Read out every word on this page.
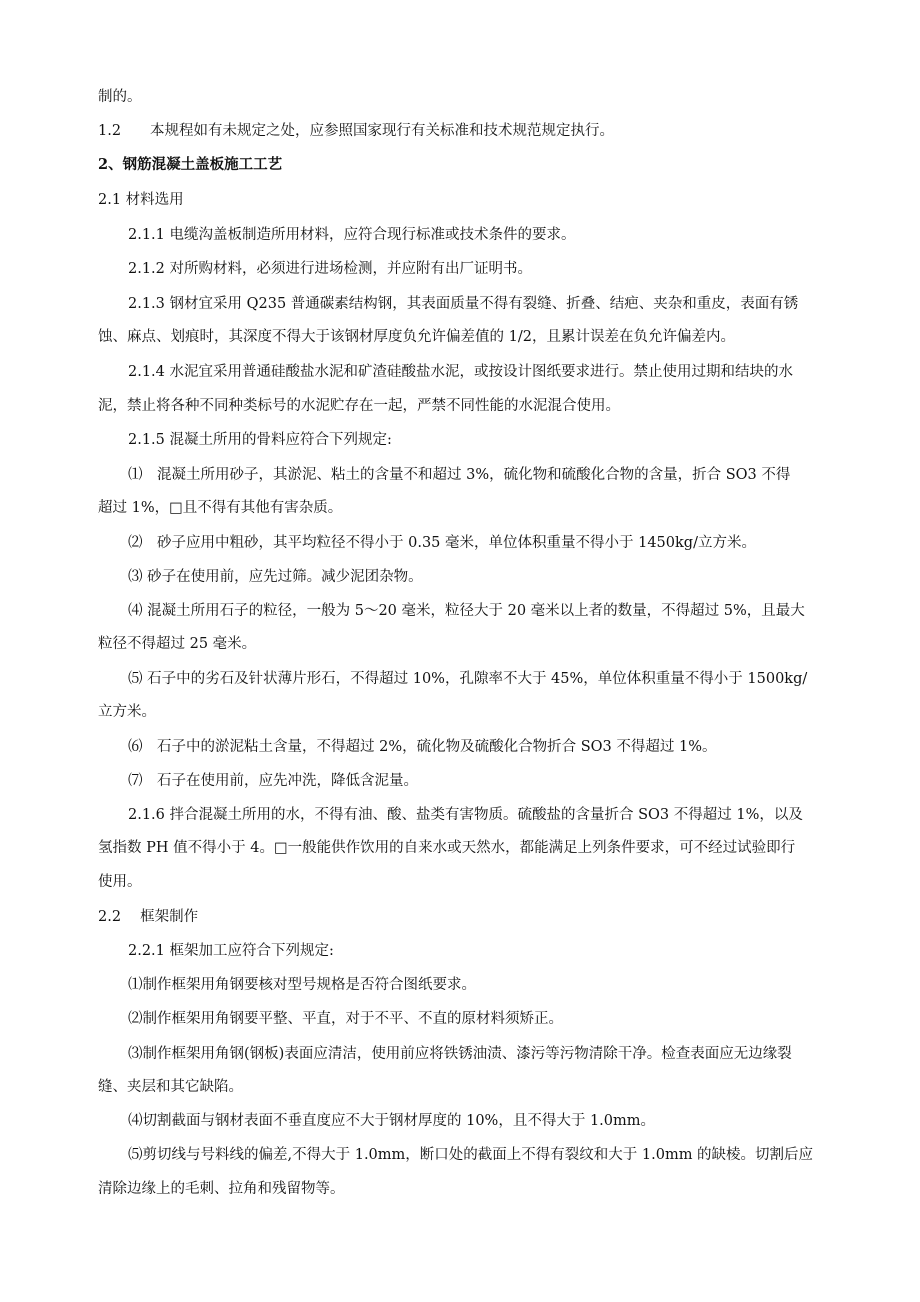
制的。
1.2　　本规程如有未规定之处，应参照国家现行有关标准和技术规范规定执行。
2、钢筋混凝土盖板施工工艺
2.1 材料选用
2.1.1 电缆沟盖板制造所用材料，应符合现行标准或技术条件的要求。
2.1.2 对所购材料，必须进行进场检测，并应附有出厂证明书。
2.1.3 钢材宜采用 Q235 普通碳素结构钢，其表面质量不得有裂缝、折叠、结疤、夹杂和重皮，表面有锈
蚀、麻点、划痕时，其深度不得大于该钢材厚度负允许偏差值的 1/2，且累计误差在负允许偏差内。
2.1.4 水泥宜采用普通硅酸盐水泥和矿渣硅酸盐水泥，或按设计图纸要求进行。禁止使用过期和结块的水
泥，禁止将各种不同种类标号的水泥贮存在一起，严禁不同性能的水泥混合使用。
2.1.5 混凝土所用的骨料应符合下列规定:
⑴　混凝土所用砂子，其淤泥、粘土的含量不和超过 3%，硫化物和硫酸化合物的含量，折合 SO3 不得
超过 1%，□且不得有其他有害杂质。
⑵　砂子应用中粗砂，其平均粒径不得小于 0.35 毫米，单位体积重量不得小于 1450kg/立方米。
⑶ 砂子在使用前，应先过筛。减少泥团杂物。
⑷ 混凝土所用石子的粒径，一般为 5～20 毫米，粒径大于 20 毫米以上者的数量，不得超过 5%，且最大
粒径不得超过 25 毫米。
⑸ 石子中的劣石及针状薄片形石，不得超过 10%，孔隙率不大于 45%，单位体积重量不得小于 1500kg/
立方米。
⑹　石子中的淤泥粘土含量，不得超过 2%，硫化物及硫酸化合物折合 SO3 不得超过 1%。
⑺　石子在使用前，应先冲洗，降低含泥量。
2.1.6 拌合混凝土所用的水，不得有油、酸、盐类有害物质。硫酸盐的含量折合 SO3 不得超过 1%，以及
氢指数 PH 值不得小于 4。□一般能供作饮用的自来水或天然水，都能满足上列条件要求，可不经过试验即行
使用。
2.2　 框架制作
2.2.1 框架加工应符合下列规定:
⑴制作框架用角钢要核对型号规格是否符合图纸要求。
⑵制作框架用角钢要平整、平直，对于不平、不直的原材料须矫正。
⑶制作框架用角钢(钢板)表面应清洁，使用前应将铁锈油渍、漆污等污物清除干净。检查表面应无边缘裂
缝、夹层和其它缺陷。
⑷切割截面与钢材表面不垂直度应不大于钢材厚度的 10%，且不得大于 1.0mm。
⑸剪切线与号料线的偏差,不得大于 1.0mm，断口处的截面上不得有裂纹和大于 1.0mm 的缺棱。切割后应
清除边缘上的毛刺、拉角和残留物等。
